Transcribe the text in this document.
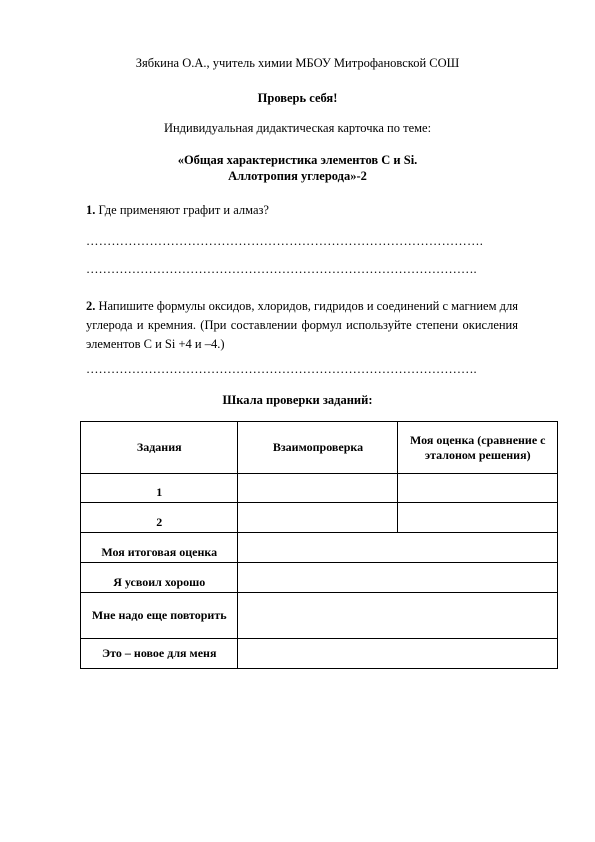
Зябкина О.А., учитель химии МБОУ Митрофановской СОШ
Проверь себя!
Индивидуальная дидактическая карточка по теме:
«Общая характеристика элементов С и Si.
Аллотропия углерода»-2
1. Где применяют графит и алмаз?
………………………………………………………………………………….
………………………………………………………………………………….
2. Напишите формулы оксидов, хлоридов, гидридов и соединений с магнием для углерода и кремния. (При составлении формул используйте степени окисления элементов С и Si +4 и –4.)
………………………………………………………………………………….
Шкала проверки заданий:
Задания	Взаимопроверка	Моя оценка (сравнение с эталоном решения)
1		
2		
Моя итоговая оценка		
Я усвоил хорошо		
Мне надо еще повторить		
Это – новое для меня		
